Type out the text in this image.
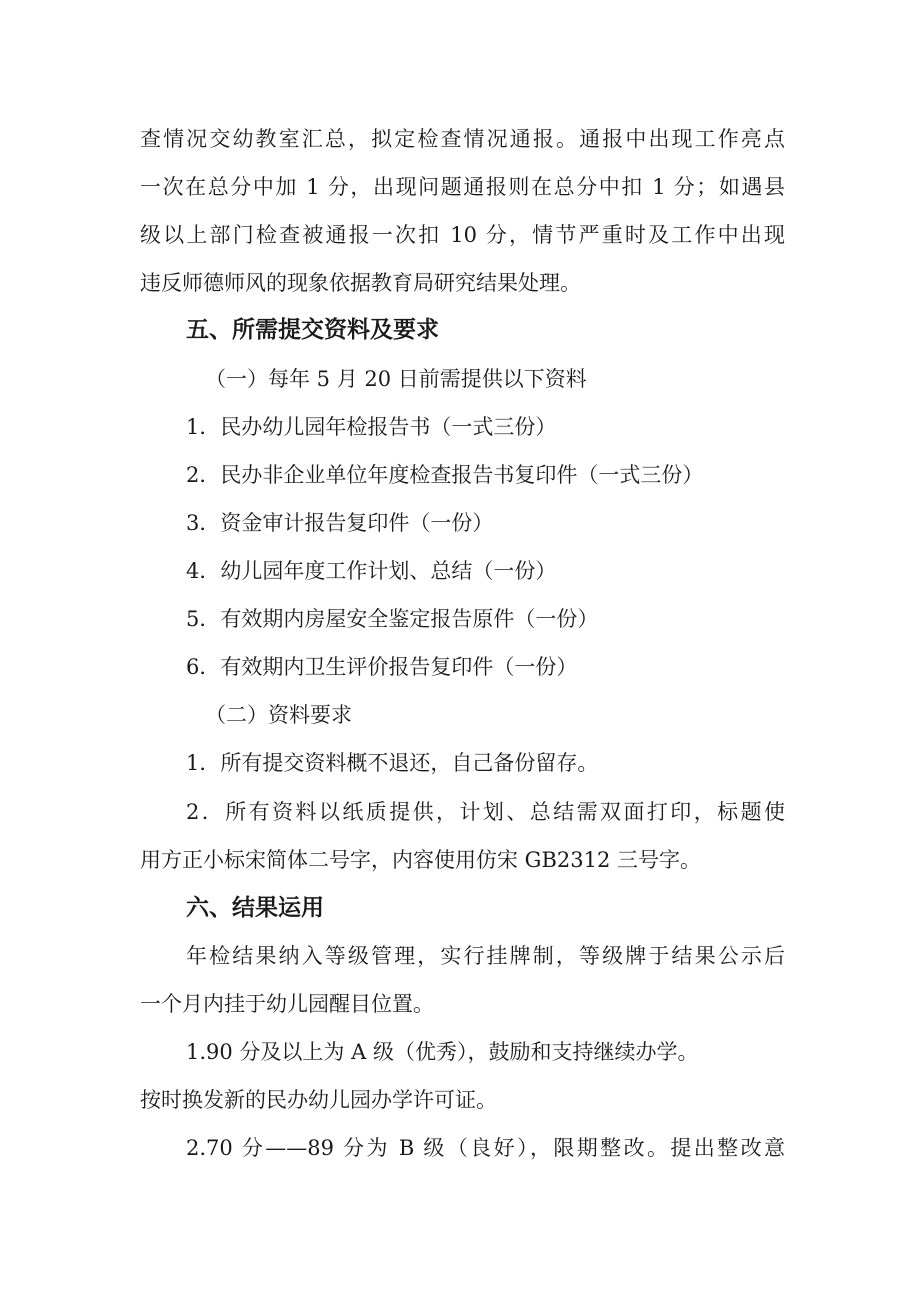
查情况交幼教室汇总，拟定检查情况通报。通报中出现工作亮点
一次在总分中加 1 分，出现问题通报则在总分中扣 1 分；如遇县
级以上部门检查被通报一次扣 10 分，情节严重时及工作中出现
违反师德师风的现象依据教育局研究结果处理。
五、所需提交资料及要求
（一）每年 5 月 20 日前需提供以下资料
1．民办幼儿园年检报告书（一式三份）
2．民办非企业单位年度检查报告书复印件（一式三份）
3．资金审计报告复印件（一份）
4．幼儿园年度工作计划、总结（一份）
5．有效期内房屋安全鉴定报告原件（一份）
6．有效期内卫生评价报告复印件（一份）
（二）资料要求
1．所有提交资料概不退还，自己备份留存。
2．所有资料以纸质提供，计划、总结需双面打印，标题使
用方正小标宋简体二号字，内容使用仿宋 GB2312 三号字。
六、结果运用
年检结果纳入等级管理，实行挂牌制，等级牌于结果公示后
一个月内挂于幼儿园醒目位置。
1.90 分及以上为 A 级（优秀），鼓励和支持继续办学。
按时换发新的民办幼儿园办学许可证。
2.70 分——89 分为 B 级（良好），限期整改。提出整改意
